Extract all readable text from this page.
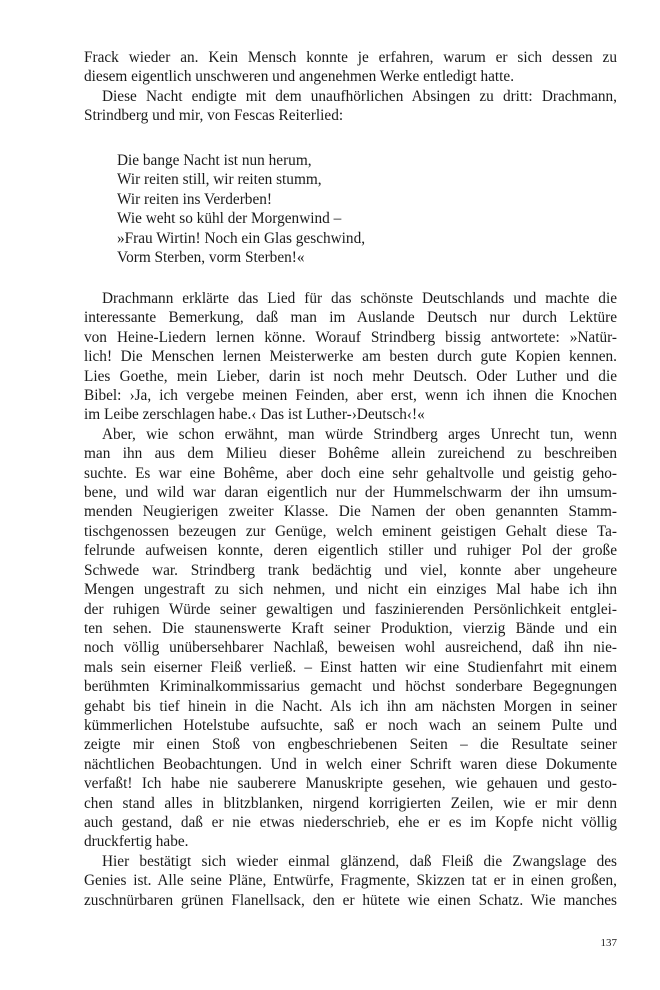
Frack wieder an. Kein Mensch konnte je erfahren, warum er sich dessen zu
diesem eigentlich unschweren und angenehmen Werke entledigt hatte.
Diese Nacht endigte mit dem unaufhörlichen Absingen zu dritt: Drachmann,
Strindberg und mir, von Fescas Reiterlied:
Die bange Nacht ist nun herum,
Wir reiten still, wir reiten stumm,
Wir reiten ins Verderben!
Wie weht so kühl der Morgenwind –
»Frau Wirtin! Noch ein Glas geschwind,
Vorm Sterben, vorm Sterben!«
Drachmann erklärte das Lied für das schönste Deutschlands und machte die
interessante Bemerkung, daß man im Auslande Deutsch nur durch Lektüre
von Heine-Liedern lernen könne. Worauf Strindberg bissig antwortete: »Natür-
lich! Die Menschen lernen Meisterwerke am besten durch gute Kopien kennen.
Lies Goethe, mein Lieber, darin ist noch mehr Deutsch. Oder Luther und die
Bibel: ›Ja, ich vergebe meinen Feinden, aber erst, wenn ich ihnen die Knochen
im Leibe zerschlagen habe.‹ Das ist Luther-›Deutsch‹!«
Aber, wie schon erwähnt, man würde Strindberg arges Unrecht tun, wenn
man ihn aus dem Milieu dieser Bohême allein zureichend zu beschreiben
suchte. Es war eine Bohême, aber doch eine sehr gehaltvolle und geistig geho-
bene, und wild war daran eigentlich nur der Hummelschwarm der ihn umsum-
menden Neugierigen zweiter Klasse. Die Namen der oben genannten Stamm-
tischgenossen bezeugen zur Genüge, welch eminent geistigen Gehalt diese Ta-
felrunde aufweisen konnte, deren eigentlich stiller und ruhiger Pol der große
Schwede war. Strindberg trank bedächtig und viel, konnte aber ungeheure
Mengen ungestraft zu sich nehmen, und nicht ein einziges Mal habe ich ihn
der ruhigen Würde seiner gewaltigen und faszinierenden Persönlichkeit entglei-
ten sehen. Die staunenswerte Kraft seiner Produktion, vierzig Bände und ein
noch völlig unübersehbarer Nachlaß, beweisen wohl ausreichend, daß ihn nie-
mals sein eiserner Fleiß verließ. – Einst hatten wir eine Studienfahrt mit einem
berühmten Kriminalkommissarius gemacht und höchst sonderbare Begegnungen
gehabt bis tief hinein in die Nacht. Als ich ihn am nächsten Morgen in seiner
kümmerlichen Hotelstube aufsuchte, saß er noch wach an seinem Pulte und
zeigte mir einen Stoß von engbeschriebenen Seiten – die Resultate seiner
nächtlichen Beobachtungen. Und in welch einer Schrift waren diese Dokumente
verfaßt! Ich habe nie sauberere Manuskripte gesehen, wie gehauen und gesto-
chen stand alles in blitzblanken, nirgend korrigierten Zeilen, wie er mir denn
auch gestand, daß er nie etwas niederschrieb, ehe er es im Kopfe nicht völlig
druckfertig habe.
Hier bestätigt sich wieder einmal glänzend, daß Fleiß die Zwangslage des
Genies ist. Alle seine Pläne, Entwürfe, Fragmente, Skizzen tat er in einen großen,
zuschnürbaren grünen Flanellsack, den er hütete wie einen Schatz. Wie manches
137
